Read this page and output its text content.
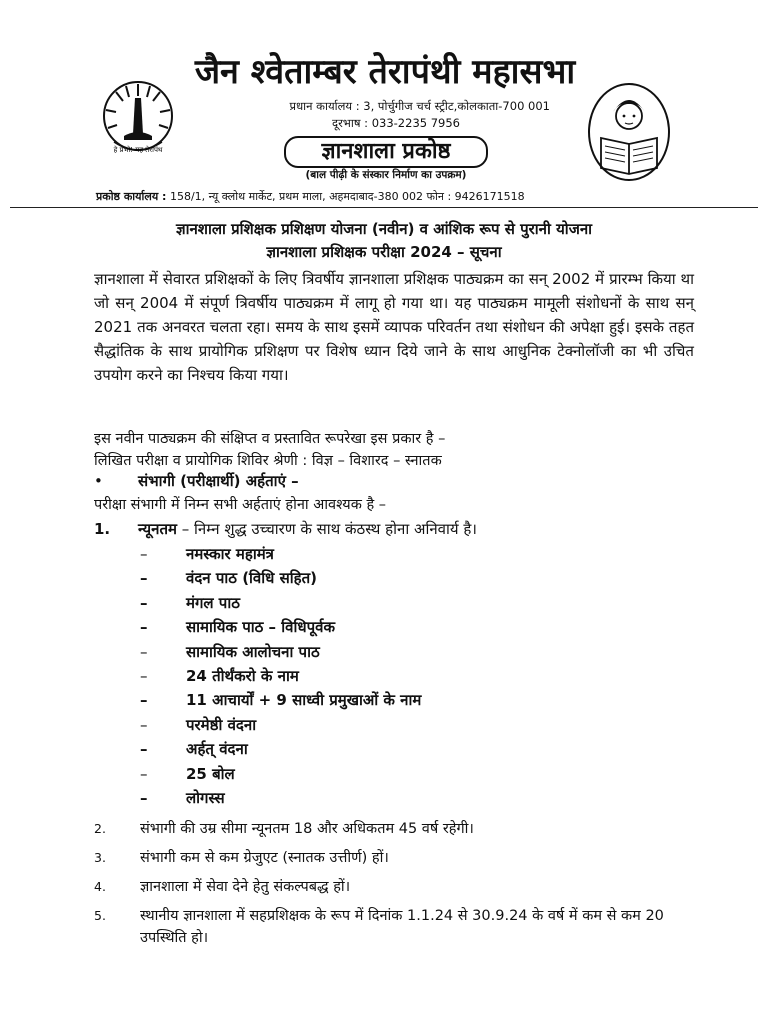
हे प्रभो! यह तेरापंथ
जैन श्वेताम्बर तेरापंथी महासभा
प्रधान कार्यालय : 3, पोर्चुगीज चर्च स्ट्रीट,कोलकाता-700 001
दूरभाष : 033-2235 7956
ज्ञानशाला प्रकोष्ठ
(बाल पीढ़ी के संस्कार निर्माण का उपक्रम)
प्रकोष्ठ कार्यालय : 158/1, न्यू क्लोथ मार्केट, प्रथम माला, अहमदाबाद-380 002 फोन : 9426171518
ज्ञानशाला प्रशिक्षक प्रशिक्षण योजना (नवीन) व आंशिक रूप से पुरानी योजना
ज्ञानशाला प्रशिक्षक परीक्षा 2024 – सूचना
ज्ञानशाला में सेवारत प्रशिक्षकों के लिए त्रिवर्षीय ज्ञानशाला प्रशिक्षक पाठ्यक्रम का सन् 2002 में प्रारम्भ किया था जो सन् 2004 में संपूर्ण त्रिवर्षीय पाठ्यक्रम में लागू हो गया था। यह पाठ्यक्रम मामूली संशोधनों के साथ सन् 2021 तक अनवरत चलता रहा। समय के साथ इसमें व्यापक परिवर्तन तथा संशोधन की अपेक्षा हुई। इसके तहत सैद्धांतिक के साथ प्रायोगिक प्रशिक्षण पर विशेष ध्यान दिये जाने के साथ आधुनिक टेक्नोलॉजी का भी उचित उपयोग करने का निश्चय किया गया।
इस नवीन पाठ्यक्रम की संक्षिप्त व प्रस्तावित रूपरेखा इस प्रकार है –
लिखित परीक्षा व प्रायोगिक शिविर श्रेणी : विज्ञ – विशारद – स्नातक
• संभागी (परीक्षार्थी) अर्हताएं –
परीक्षा संभागी में निम्न सभी अर्हताएं होना आवश्यक है –
1. न्यूनतम – निम्न शुद्ध उच्चारण के साथ कंठस्थ होना अनिवार्य है।
–	नमस्कार महामंत्र
–	वंदन पाठ (विधि सहित)
–	मंगल पाठ
–	सामायिक पाठ – विधिपूर्वक
–	सामायिक आलोचना पाठ
–	24 तीर्थंकरो के नाम
–	11 आचार्यों + 9 साध्वी प्रमुखाओं के नाम
–	परमेष्ठी वंदना
–	अर्हत् वंदना
–	25 बोल
–	लोगस्स
2.	संभागी की उम्र सीमा न्यूनतम 18 और अधिकतम 45 वर्ष रहेगी।
3.	संभागी कम से कम ग्रेजुएट (स्नातक उत्तीर्ण) हों।
4.	ज्ञानशाला में सेवा देने हेतु संकल्पबद्ध हों।
5.	स्थानीय ज्ञानशाला में सहप्रशिक्षक के रूप में दिनांक 1.1.24 से 30.9.24 के वर्ष में कम से कम 20 उपस्थिति हो।
